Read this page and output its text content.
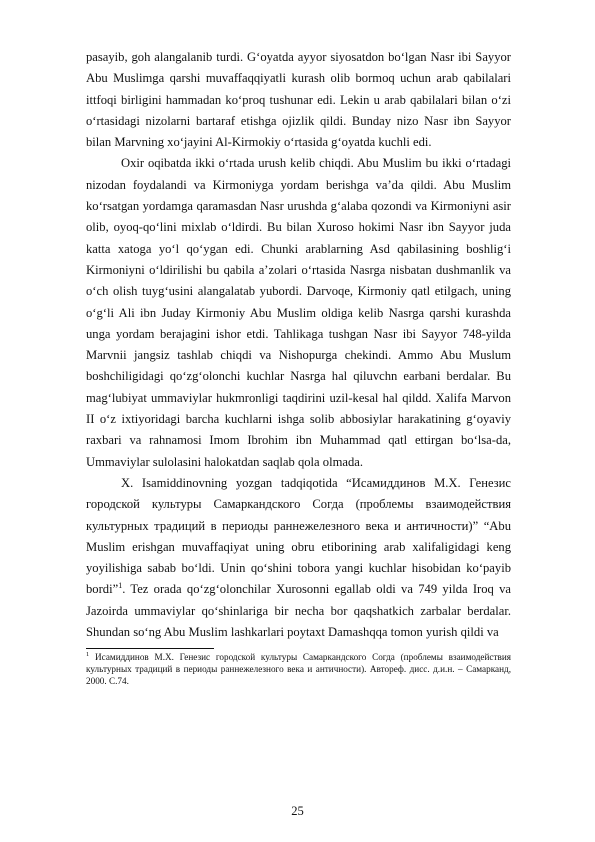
pasayib, goh alangalanib turdi. G‘oyatda ayyor siyosatdon bo‘lgan Nasr ibi Sayyor Abu Muslimga qarshi muvaffaqqiyatli kurash olib bormoq uchun arab qabilalari ittfoqi birligini hammadan ko‘proq tushunar edi. Lekin u arab qabilalari bilan o‘zi o‘rtasidagi nizolarni bartaraf etishga ojizlik qildi. Bunday nizo Nasr ibn Sayyor bilan Marvning xo‘jayini Al-Kirmokiy o‘rtasida g‘oyatda kuchli edi.

Oxir oqibatda ikki o‘rtada urush kelib chiqdi. Abu Muslim bu ikki o‘rtadagi nizodan foydalandi va Kirmoniyga yordam berishga va’da qildi. Abu Muslim ko‘rsatgan yordamga qaramasdan Nasr urushda g‘alaba qozondi va Kirmoniyni asir olib, oyoq-qo‘lini mixlab o‘ldirdi. Bu bilan Xuroso hokimi Nasr ibn Sayyor juda katta xatoga yo‘l qo‘ygan edi. Chunki arablarning Asd qabilasining boshlig‘i Kirmoniyni o‘ldirilishi bu qabila a’zolari o‘rtasida Nasrga nisbatan dushmanlik va o‘ch olish tuyg‘usini alangalatab yubordi. Darvoqe, Kirmoniy qatl etilgach, uning o‘g‘li Ali ibn Juday Kirmoniy Abu Muslim oldiga kelib Nasrga qarshi kurashda unga yordam berajagini ishor etdi. Tahlikaga tushgan Nasr ibi Sayyor 748-yilda Marvnii jangsiz tashlab chiqdi va Nishopurga chekindi. Ammo Abu Muslum boshchiligidagi qo‘zg‘olonchi kuchlar Nasrga hal qiluvchn earbani berdalar. Bu mag‘lubiyat ummaviylar hukmronligi taqdirini uzil-kesal hal qildd. Xalifa Marvon II o‘z ixtiyoridagi barcha kuchlarni ishga solib abbosiylar harakatining g‘oyaviy raxbari va rahnamosi Imom Ibrohim ibn Muhammad qatl ettirgan bo‘lsa-da, Ummaviylar sulolasini halokatdan saqlab qola olmada.

X. Isamiddinovning yozgan tadqiqotida “Исамиддинов М.Х. Генезис городской культуры Самаркандского Согда (проблемы взаимодействия культурных традиций в периоды раннежелезного века и античности)” “Abu Muslim erishgan muvaffaqiyat uning obru etiborining arab xalifaligidagi keng yoyilishiga sabab bo‘ldi. Unin qo‘shini tobora yangi kuchlar hisobidan ko‘payib bordi”$^1$. Tez orada qo‘zg‘olonchilar Xurosonni egallab oldi va 749 yilda Iroq va Jazoirda ummaviylar qo‘shinlariga bir necha bor qaqshatkich zarbalar berdalar. Shundan so‘ng Abu Muslim lashkarlari poytaxt Damashqqa tomon yurish qildi va

$^1$ Исамиддинов М.Х. Генезис городской культуры Самаркандского Согда (проблемы взаимодействия культурных традиций в периоды раннежелезного века и античности). Автореф. дисс. д.и.н. – Самарканд, 2000. С.74.

25
